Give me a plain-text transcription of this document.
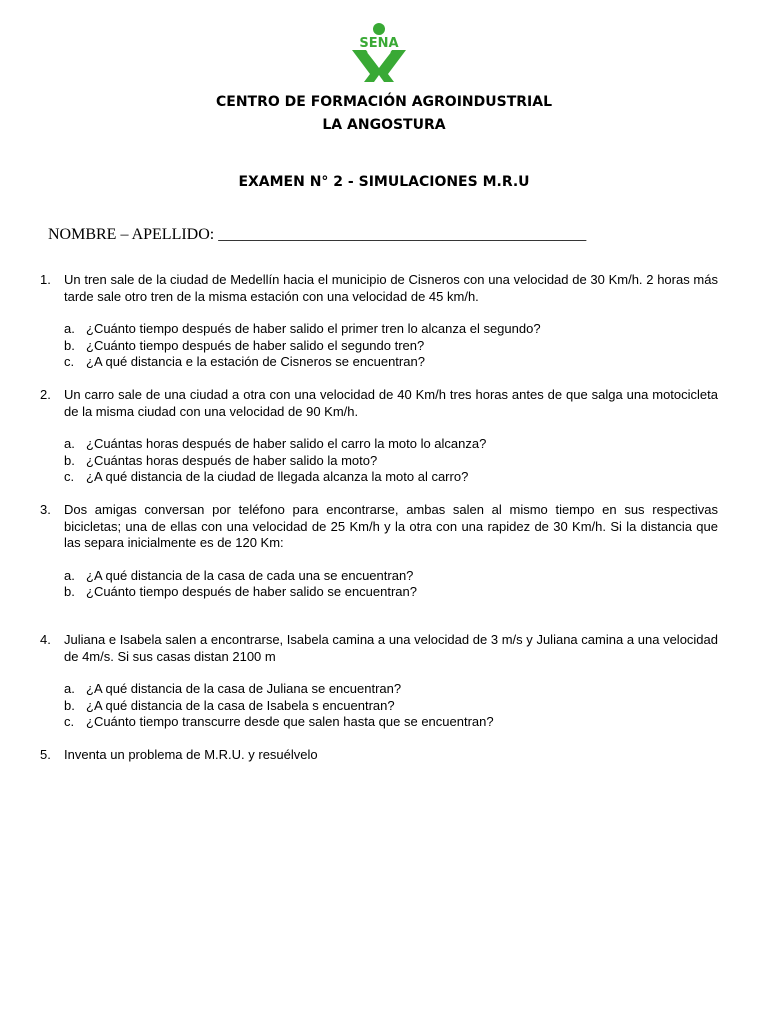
SENA
CENTRO DE FORMACIÓN AGROINDUSTRIAL
LA ANGOSTURA
EXAMEN N° 2 - SIMULACIONES M.R.U
NOMBRE – APELLIDO: ______________________________________________
1. Un tren sale de la ciudad de Medellín hacia el municipio de Cisneros con una velocidad de 30 Km/h. 2 horas más tarde sale otro tren de la misma estación con una velocidad de 45 km/h.
a. ¿Cuánto tiempo después de haber salido el primer tren lo alcanza el segundo?
b. ¿Cuánto tiempo después de haber salido el segundo tren?
c. ¿A qué distancia e la estación de Cisneros se encuentran?
2. Un carro sale de una ciudad a otra con una velocidad de 40 Km/h tres horas antes de que salga una motocicleta de la misma ciudad con una velocidad de 90 Km/h.
a. ¿Cuántas horas después de haber salido el carro la moto lo alcanza?
b. ¿Cuántas horas después de haber salido la moto?
c. ¿A qué distancia de la ciudad de llegada alcanza la moto al carro?
3. Dos amigas conversan por teléfono para encontrarse, ambas salen al mismo tiempo en sus respectivas bicicletas; una de ellas con una velocidad de 25 Km/h y la otra con una rapidez de 30 Km/h. Si la distancia que las separa inicialmente es de 120 Km:
a. ¿A qué distancia de la casa de cada una se encuentran?
b. ¿Cuánto tiempo después de haber salido se encuentran?
4. Juliana e Isabela salen a encontrarse, Isabela camina a una velocidad de 3 m/s y Juliana camina a una velocidad de 4m/s. Si sus casas distan 2100 m
a. ¿A qué distancia de la casa de Juliana se encuentran?
b. ¿A qué distancia de la casa de Isabela s encuentran?
c. ¿Cuánto tiempo transcurre desde que salen hasta que se encuentran?
5. Inventa un problema de M.R.U. y resuélvelo
